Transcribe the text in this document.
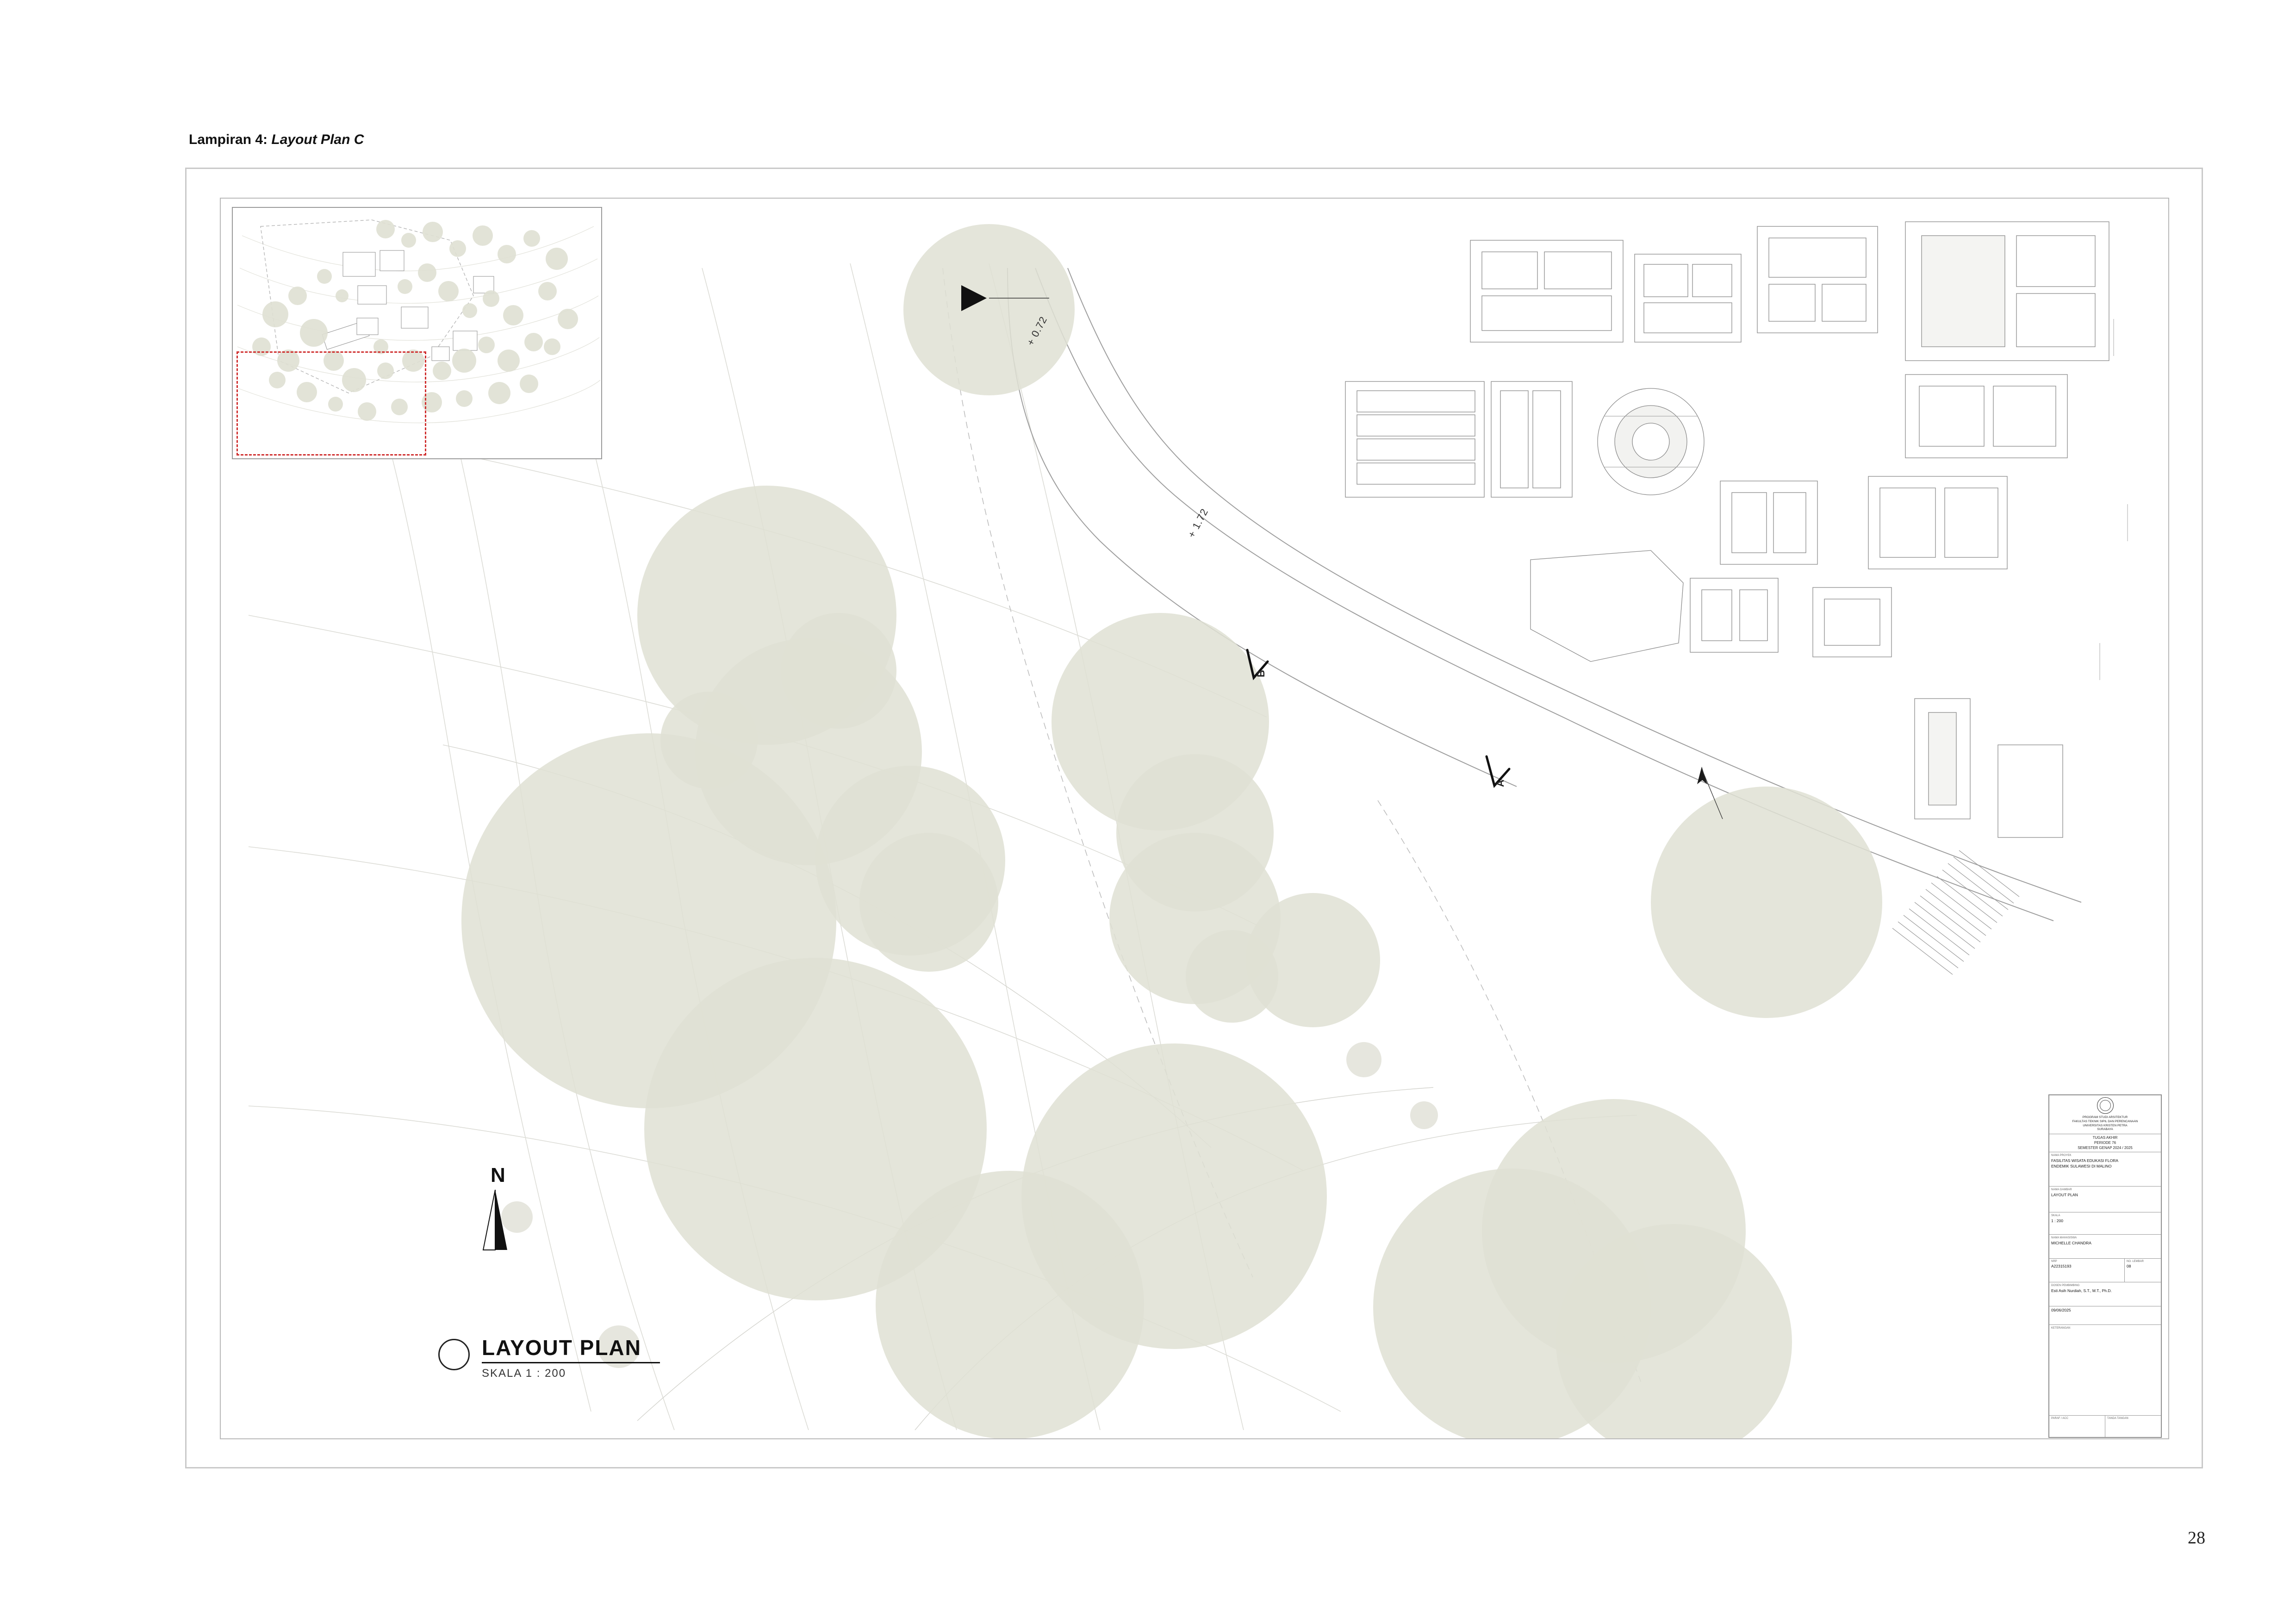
Lampiran 4: Layout Plan C
+ 0.72
+ 1.72
B
A
N
LAYOUT PLAN
SKALA 1 : 200
PROGRAM STUDI ARSITEKTUR
FAKULTAS TEKNIK SIPIL DAN PERENCANAAN
UNIVERSITAS KRISTEN PETRA
SURABAYA
TUGAS AKHIR
PERIODE 76
SEMESTER GENAP 2024 / 2025
NAMA PROYEK
FASILITAS WISATA EDUKASI FLORA
ENDEMIK SULAWESI DI MALINO
NAMA GAMBAR
LAYOUT PLAN
SKALA
1 : 200
NAMA MAHASISWA
MICHELLE CHANDRA
NRP
A22315193
NO. LEMBAR
08
DOSEN PEMBIMBING
Esti Asih Nurdiah, S.T., M.T., Ph.D.
09/06/2025
KETERANGAN
PARAF / ACC	TANDA TANGAN
28
